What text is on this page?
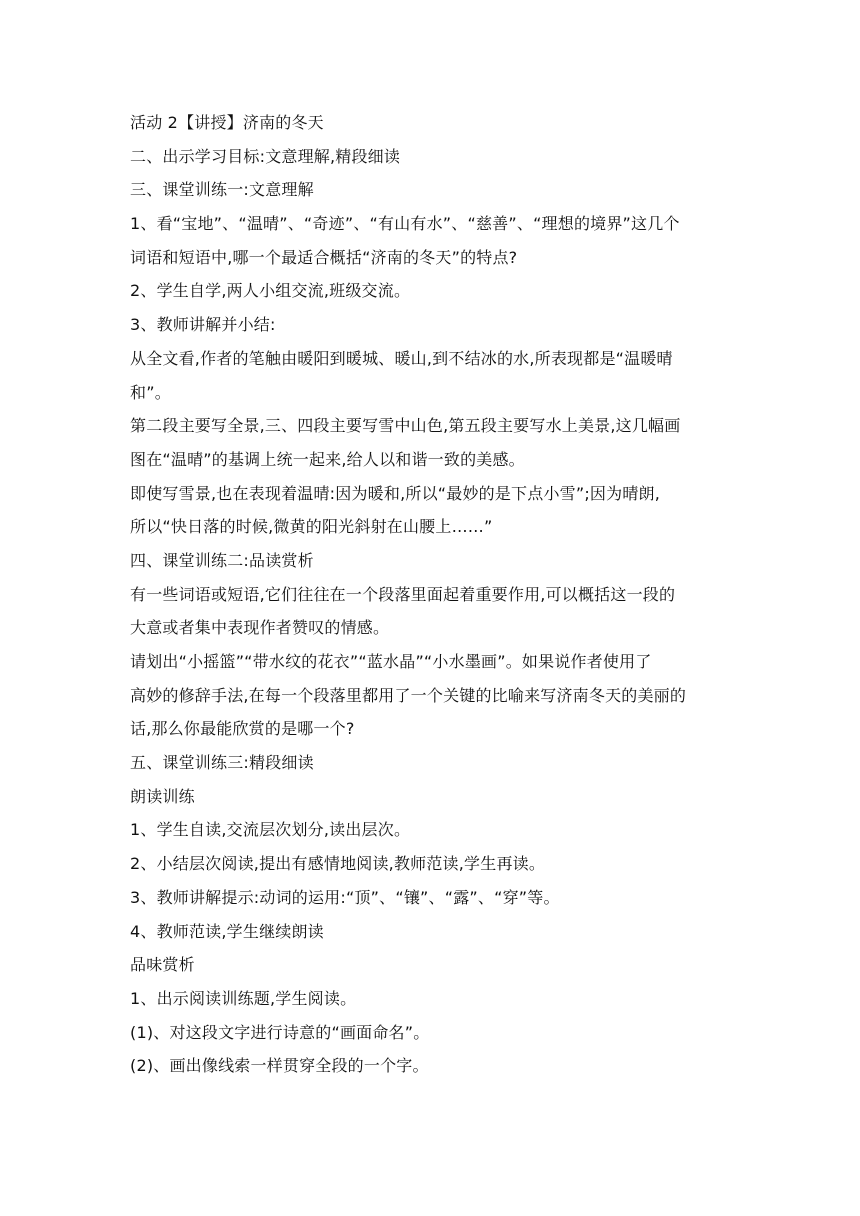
活动 2【讲授】济南的冬天
二、出示学习目标:文意理解,精段细读
三、课堂训练一:文意理解
1、看“宝地”、“温晴”、“奇迹”、“有山有水”、“慈善”、“理想的境界”这几个
词语和短语中,哪一个最适合概括“济南的冬天”的特点?
2、学生自学,两人小组交流,班级交流。
3、教师讲解并小结:
从全文看,作者的笔触由暖阳到暖城、暖山,到不结冰的水,所表现都是“温暖晴
和”。
第二段主要写全景,三、四段主要写雪中山色,第五段主要写水上美景,这几幅画
图在“温晴”的基调上统一起来,给人以和谐一致的美感。
即使写雪景,也在表现着温晴:因为暖和,所以“最妙的是下点小雪”;因为晴朗,
所以“快日落的时候,微黄的阳光斜射在山腰上……”
四、课堂训练二:品读赏析
有一些词语或短语,它们往往在一个段落里面起着重要作用,可以概括这一段的
大意或者集中表现作者赞叹的情感。
请划出“小摇篮”“带水纹的花衣”“蓝水晶”“小水墨画”。如果说作者使用了
高妙的修辞手法,在每一个段落里都用了一个关键的比喻来写济南冬天的美丽的
话,那么你最能欣赏的是哪一个?
五、课堂训练三:精段细读
朗读训练
1、学生自读,交流层次划分,读出层次。
2、小结层次阅读,提出有感情地阅读,教师范读,学生再读。
3、教师讲解提示:动词的运用:“顶”、“镶”、“露”、“穿”等。
4、教师范读,学生继续朗读
品味赏析
1、出示阅读训练题,学生阅读。
(1)、对这段文字进行诗意的“画面命名”。
(2)、画出像线索一样贯穿全段的一个字。
